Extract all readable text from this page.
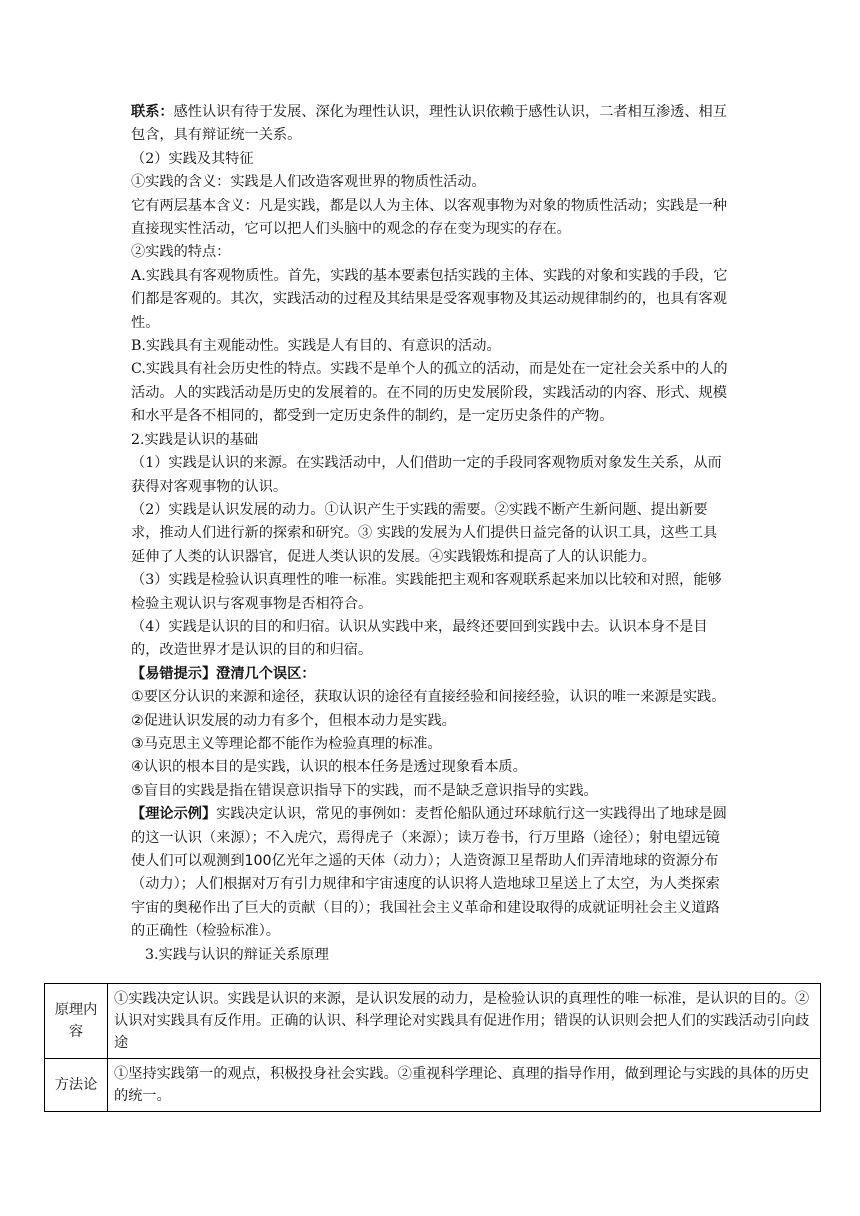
联系：感性认识有待于发展、深化为理性认识，理性认识依赖于感性认识，二者相互渗透、相互包含，具有辩证统一关系。

（2）实践及其特征

①实践的含义：实践是人们改造客观世界的物质性活动。

它有两层基本含义：凡是实践，都是以人为主体、以客观事物为对象的物质性活动；实践是一种直接现实性活动，它可以把人们头脑中的观念的存在变为现实的存在。

②实践的特点：

A.实践具有客观物质性。首先，实践的基本要素包括实践的主体、实践的对象和实践的手段，它们都是客观的。其次，实践活动的过程及其结果是受客观事物及其运动规律制约的，也具有客观性。

B.实践具有主观能动性。实践是人有目的、有意识的活动。

C.实践具有社会历史性的特点。实践不是单个人的孤立的活动，而是处在一定社会关系中的人的活动。人的实践活动是历史的发展着的。在不同的历史发展阶段，实践活动的内容、形式、规模和水平是各不相同的，都受到一定历史条件的制约，是一定历史条件的产物。

2.实践是认识的基础

（1）实践是认识的来源。在实践活动中，人们借助一定的手段同客观物质对象发生关系，从而获得对客观事物的认识。

（2）实践是认识发展的动力。①认识产生于实践的需要。②实践不断产生新问题、提出新要求，推动人们进行新的探索和研究。③ 实践的发展为人们提供日益完备的认识工具，这些工具延伸了人类的认识器官，促进人类认识的发展。④实践锻炼和提高了人的认识能力。

（3）实践是检验认识真理性的唯一标准。实践能把主观和客观联系起来加以比较和对照，能够检验主观认识与客观事物是否相符合。

（4）实践是认识的目的和归宿。认识从实践中来，最终还要回到实践中去。认识本身不是目的，改造世界才是认识的目的和归宿。

【易错提示】澄清几个误区：

①要区分认识的来源和途径，获取认识的途径有直接经验和间接经验，认识的唯一来源是实践。

②促进认识发展的动力有多个，但根本动力是实践。

③马克思主义等理论都不能作为检验真理的标准。

④认识的根本目的是实践，认识的根本任务是透过现象看本质。

⑤盲目的实践是指在错误意识指导下的实践，而不是缺乏意识指导的实践。

【理论示例】实践决定认识，常见的事例如：麦哲伦船队通过环球航行这一实践得出了地球是圆的这一认识（来源）；不入虎穴，焉得虎子（来源）；读万卷书，行万里路（途径）；射电望远镜使人们可以观测到100亿光年之遥的天体（动力）；人造资源卫星帮助人们弄清地球的资源分布（动力）；人们根据对万有引力规律和宇宙速度的认识将人造地球卫星送上了太空，为人类探索宇宙的奥秘作出了巨大的贡献（目的）；我国社会主义革命和建设取得的成就证明社会主义道路的正确性（检验标准）。

3.实践与认识的辩证关系原理

原理内容	①实践决定认识。实践是认识的来源，是认识发展的动力，是检验认识的真理性的唯一标准，是认识的目的。②认识对实践具有反作用。正确的认识、科学理论对实践具有促进作用；错误的认识则会把人们的实践活动引向歧途
方法论	①坚持实践第一的观点，积极投身社会实践。②重视科学理论、真理的指导作用，做到理论与实践的具体的历史的统一。
